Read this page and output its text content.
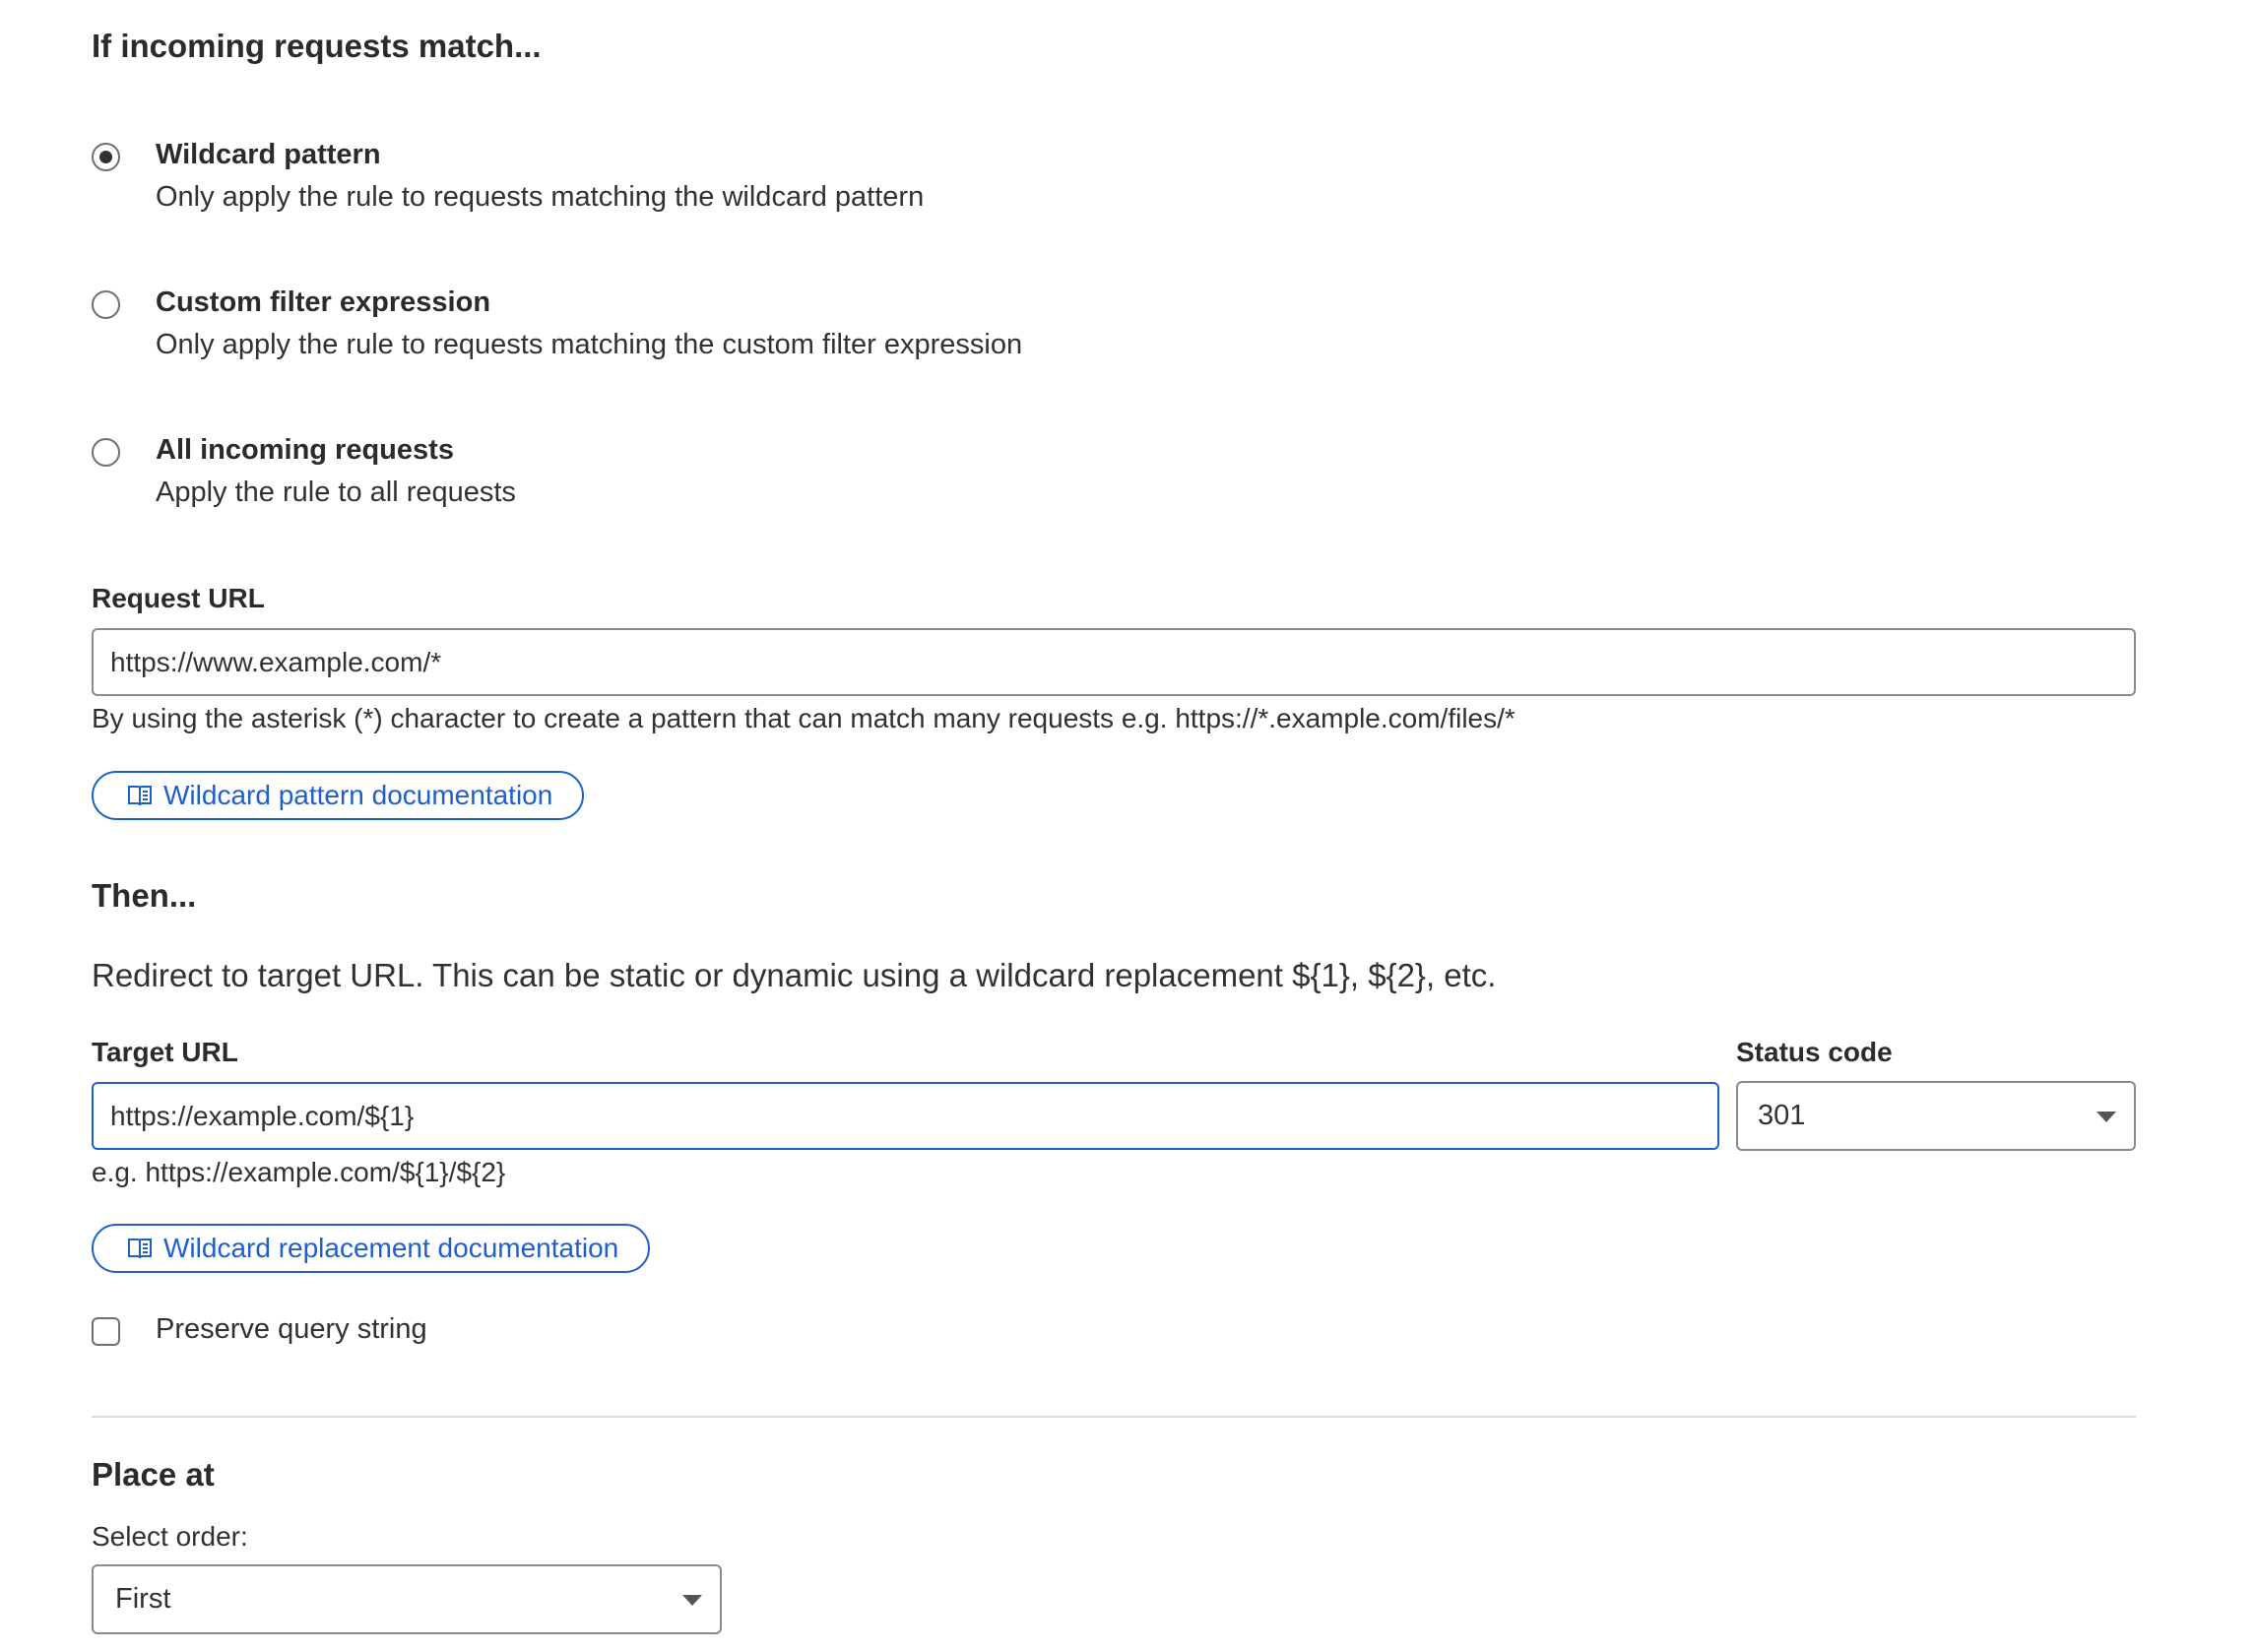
If incoming requests match...
Wildcard pattern
Only apply the rule to requests matching the wildcard pattern
Custom filter expression
Only apply the rule to requests matching the custom filter expression
All incoming requests
Apply the rule to all requests
Request URL
https://www.example.com/*
By using the asterisk (*) character to create a pattern that can match many requests e.g. https://*.example.com/files/*
Wildcard pattern documentation
Then...
Redirect to target URL. This can be static or dynamic using a wildcard replacement ${1}, ${2}, etc.
Target URL
https://example.com/${1}
e.g. https://example.com/${1}/${2}
Status code
301
Wildcard replacement documentation
Preserve query string
Place at
Select order:
First
